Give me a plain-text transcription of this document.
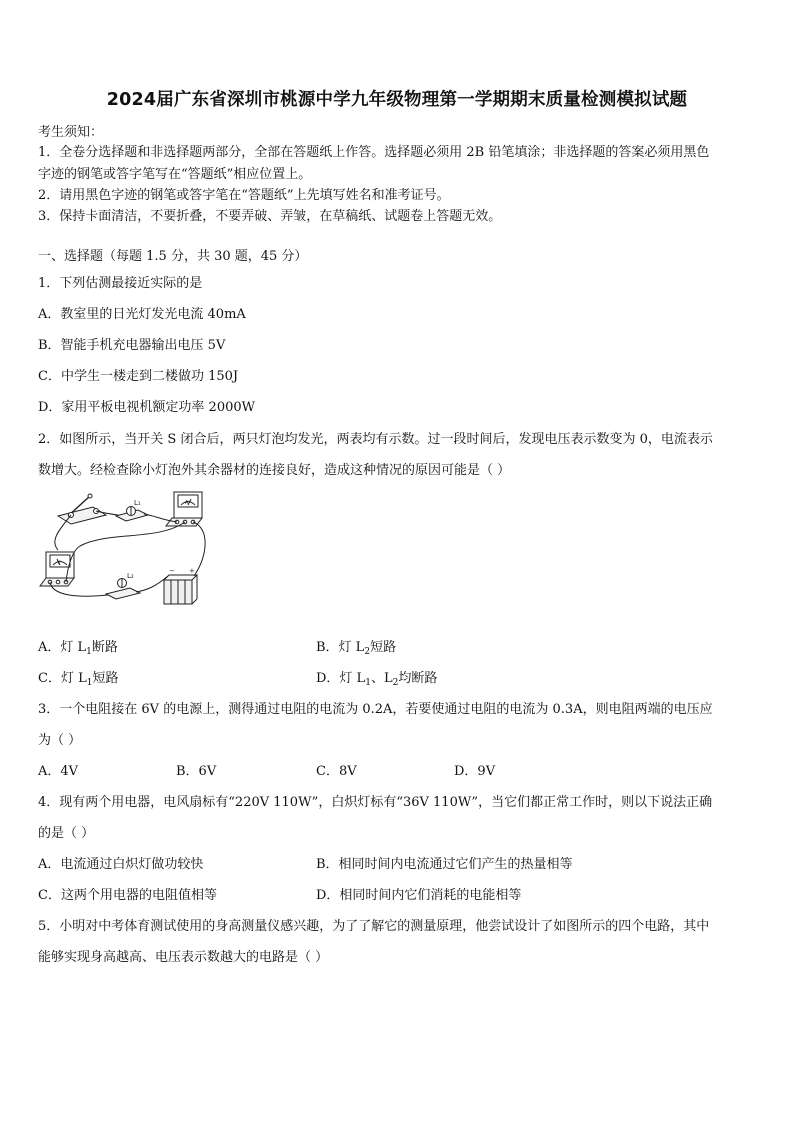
2024届广东省深圳市桃源中学九年级物理第一学期期末质量检测模拟试题
考生须知：
1．全卷分选择题和非选择题两部分，全部在答题纸上作答。选择题必须用 2B 铅笔填涂；非选择题的答案必须用黑色
字迹的钢笔或答字笔写在“答题纸”相应位置上。
2．请用黑色字迹的钢笔或答字笔在“答题纸”上先填写姓名和准考证号。
3．保持卡面清洁，不要折叠，不要弄破、弄皱，在草稿纸、试题卷上答题无效。
一、选择题（每题 1.5 分，共 30 题，45 分）
1．下列估测最接近实际的是
A．教室里的日光灯发光电流 40mA
B．智能手机充电器输出电压 5V
C．中学生一楼走到二楼做功 150J
D．家用平板电视机额定功率 2000W
2．如图所示，当开关 S 闭合后，两只灯泡均发光，两表均有示数。过一段时间后，发现电压表示数变为 0，电流表示
数增大。经检查除小灯泡外其余器材的连接良好，造成这种情况的原因可能是（ ）
L₁
L₂
A
V
− +
A．灯 $L_1$断路	B．灯 $L_2$短路
C．灯 $L_1$短路	D．灯 $L_1$、$L_2$均断路
3．一个电阻接在 6V 的电源上，测得通过电阻的电流为 0.2A，若要使通过电阻的电流为 0.3A，则电阻两端的电压应
为（ ）
A．4V	B．6V	C．8V	D．9V
4．现有两个用电器，电风扇标有“220V 110W”，白炽灯标有“36V 110W”，当它们都正常工作时，则以下说法正确
的是（ ）
A．电流通过白炽灯做功较快	B．相同时间内电流通过它们产生的热量相等
C．这两个用电器的电阻值相等	D．相同时间内它们消耗的电能相等
5．小明对中考体育测试使用的身高测量仪感兴趣，为了了解它的测量原理，他尝试设计了如图所示的四个电路，其中
能够实现身高越高、电压表示数越大的电路是（ ）
